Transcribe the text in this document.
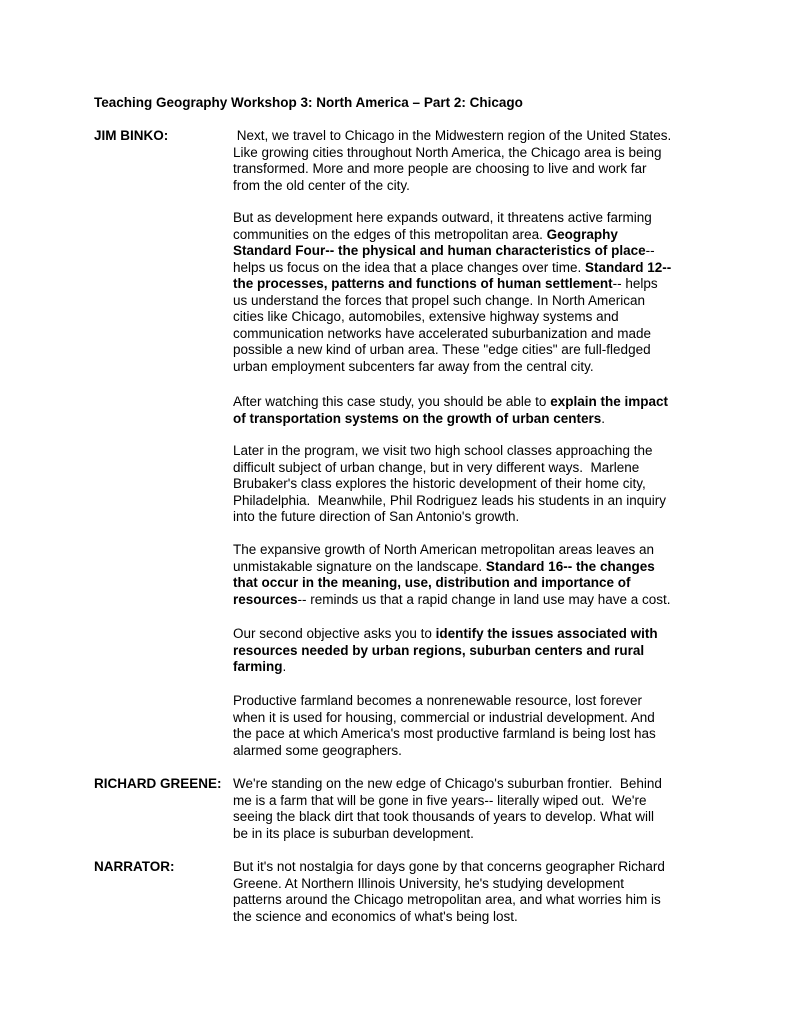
Teaching Geography Workshop 3: North America – Part 2: Chicago
JIM BINKO:	Next, we travel to Chicago in the Midwestern region of the United States.
Like growing cities throughout North America, the Chicago area is being
transformed. More and more people are choosing to live and work far
from the old center of the city.
But as development here expands outward, it threatens active farming
communities on the edges of this metropolitan area. Geography
Standard Four-- the physical and human characteristics of place--
helps us focus on the idea that a place changes over time. Standard 12--
the processes, patterns and functions of human settlement-- helps
us understand the forces that propel such change. In North American
cities like Chicago, automobiles, extensive highway systems and
communication networks have accelerated suburbanization and made
possible a new kind of urban area. These "edge cities" are full-fledged
urban employment subcenters far away from the central city.
After watching this case study, you should be able to explain the impact
of transportation systems on the growth of urban centers.
Later in the program, we visit two high school classes approaching the
difficult subject of urban change, but in very different ways.  Marlene
Brubaker's class explores the historic development of their home city,
Philadelphia.  Meanwhile, Phil Rodriguez leads his students in an inquiry
into the future direction of San Antonio's growth.
The expansive growth of North American metropolitan areas leaves an
unmistakable signature on the landscape. Standard 16-- the changes
that occur in the meaning, use, distribution and importance of
resources-- reminds us that a rapid change in land use may have a cost.
Our second objective asks you to identify the issues associated with
resources needed by urban regions, suburban centers and rural
farming.
Productive farmland becomes a nonrenewable resource, lost forever
when it is used for housing, commercial or industrial development. And
the pace at which America's most productive farmland is being lost has
alarmed some geographers.
RICHARD GREENE: We're standing on the new edge of Chicago's suburban frontier.  Behind
me is a farm that will be gone in five years-- literally wiped out.  We're
seeing the black dirt that took thousands of years to develop. What will
be in its place is suburban development.
NARRATOR:	But it's not nostalgia for days gone by that concerns geographer Richard
Greene. At Northern Illinois University, he's studying development
patterns around the Chicago metropolitan area, and what worries him is
the science and economics of what's being lost.
